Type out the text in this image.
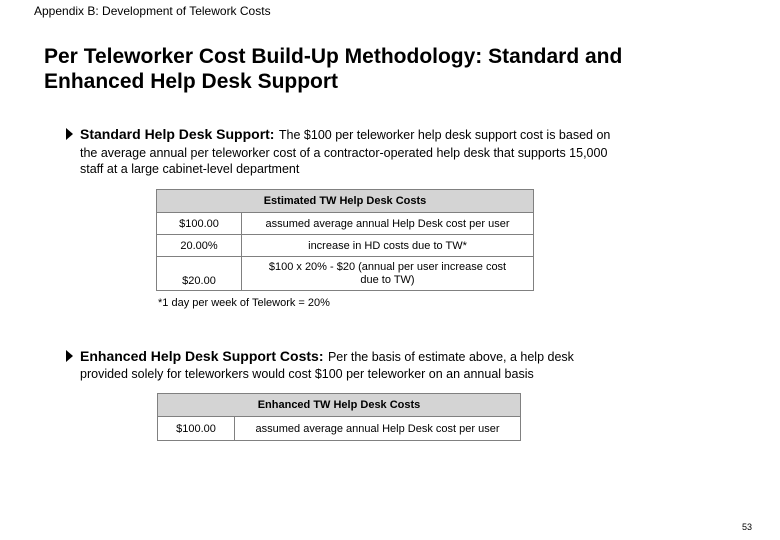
Appendix B: Development of Telework Costs
Per Teleworker Cost Build-Up Methodology: Standard and
Enhanced Help Desk Support
Standard Help Desk Support: The $100 per teleworker help desk support cost is based on
the average annual per teleworker cost of a contractor-operated help desk that supports 15,000
staff at a large cabinet-level department
Estimated TW Help Desk Costs	
$100.00	assumed average annual Help Desk cost per user
20.00%	increase in HD costs due to TW*
$20.00	$100 x 20% - $20 (annual per user increase cost due to TW)
*1 day per week of Telework = 20%
Enhanced Help Desk Support Costs: Per the basis of estimate above, a help desk
provided solely for teleworkers would cost $100 per teleworker on an annual basis
Enhanced TW Help Desk Costs
$100.00	assumed average annual Help Desk cost per user
53
